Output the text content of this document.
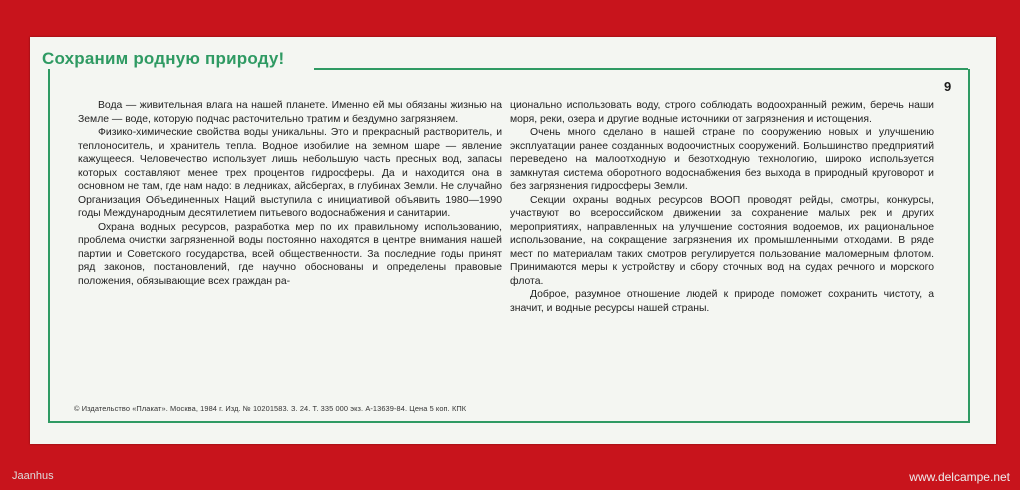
Сохраним родную природу!
9

Вода — живительная влага на нашей планете. Именно ей мы обязаны жизнью на Земле — воде, которую подчас расточительно тратим и бездумно загрязняем.

Физико-химические свойства воды уникальны. Это и прекрасный растворитель, и теплоноситель, и хранитель тепла. Водное изобилие на земном шаре — явление кажущееся. Человечество использует лишь небольшую часть пресных вод, запасы которых составляют менее трех процентов гидросферы. Да и находится она в основном не там, где нам надо: в ледниках, айсбергах, в глубинах Земли. Не случайно Организация Объединенных Наций выступила с инициативой объявить 1980—1990 годы Международным десятилетием питьевого водоснабжения и санитарии.

Охрана водных ресурсов, разработка мер по их правильному использованию, проблема очистки загрязненной воды постоянно находятся в центре внимания нашей партии и Советского государства, всей общественности. За последние годы принят ряд законов, постановлений, где научно обоснованы и определены правовые положения, обязывающие всех граждан ра-

ционально использовать воду, строго соблюдать водоохранный режим, беречь наши моря, реки, озера и другие водные источники от загрязнения и истощения.

Очень много сделано в нашей стране по сооружению новых и улучшению эксплуатации ранее созданных водоочистных сооружений. Большинство предприятий переведено на малоотходную и безотходную технологию, широко используется замкнутая система оборотного водоснабжения без выхода в природный круговорот и без загрязнения гидросферы Земли.

Секции охраны водных ресурсов ВООП проводят рейды, смотры, конкурсы, участвуют во всероссийском движении за сохранение малых рек и других мероприятиях, направленных на улучшение состояния водоемов, их рациональное использование, на сокращение загрязнения их промышленными отходами. В ряде мест по материалам таких смотров регулируется пользование маломерным флотом. Принимаются меры к устройству и сбору сточных вод на судах речного и морского флота.

Доброе, разумное отношение людей к природе поможет сохранить чистоту, а значит, и водные ресурсы нашей страны.

© Издательство «Плакат». Москва, 1984 г. Изд. № 10201583. З. 24. Т. 335 000 экз. А-13639-84. Цена 5 коп. КПК
Jaanhus	www.delcampe.net
